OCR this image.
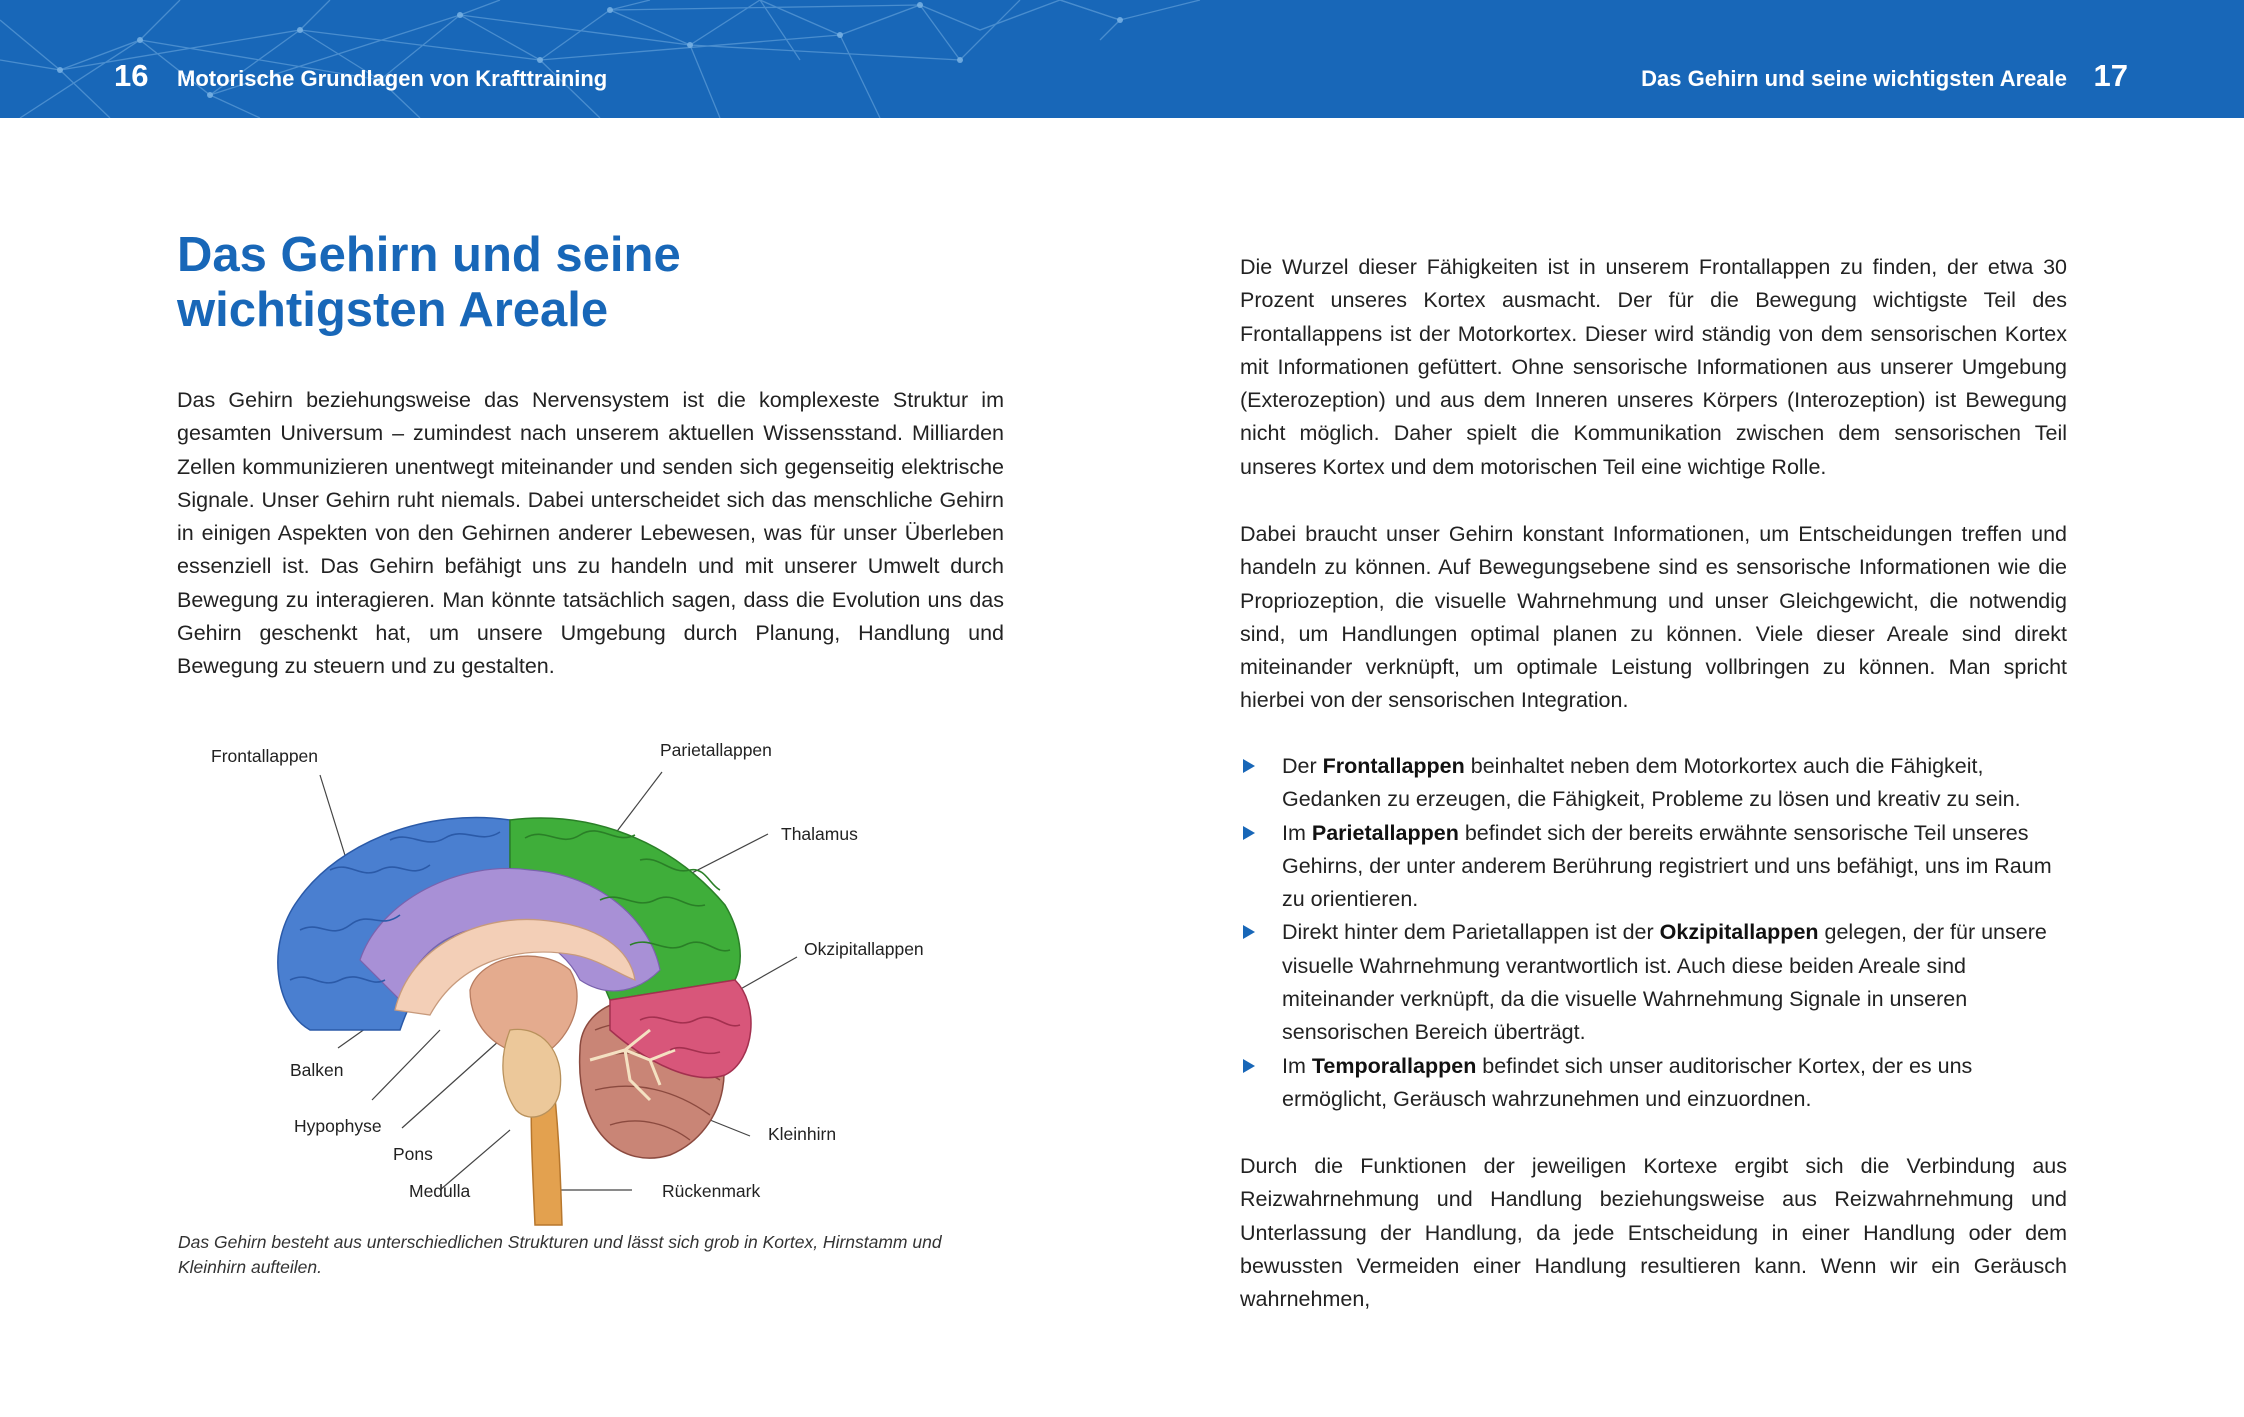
16 Motorische Grundlagen von Krafttraining	Das Gehirn und seine wichtigsten Areale 17
Das Gehirn und seine wichtigsten Areale

Das Gehirn beziehungsweise das Nervensystem ist die komplexeste Struktur im gesamten Universum – zumindest nach unserem aktuellen Wissensstand. Milliarden Zellen kommunizieren unentwegt miteinander und senden sich gegenseitig elektrische Signale. Unser Gehirn ruht niemals. Dabei unterscheidet sich das menschliche Gehirn in einigen Aspekten von den Gehirnen anderer Lebewesen, was für unser Überleben essenziell ist. Das Gehirn befähigt uns zu handeln und mit unserer Umwelt durch Bewegung zu interagieren. Man könnte tatsächlich sagen, dass die Evolution uns das Gehirn geschenkt hat, um unsere Umgebung durch Planung, Handlung und Bewegung zu steuern und zu gestalten.

Frontallappen	Parietallappen
Thalamus
Okzipitallappen
Balken
Hypophyse
Pons
Medulla
Kleinhirn
Rückenmark

Das Gehirn besteht aus unterschiedlichen Strukturen und lässt sich grob in Kortex, Hirnstamm und Kleinhirn aufteilen.

Die Wurzel dieser Fähigkeiten ist in unserem Frontallappen zu finden, der etwa 30 Prozent unseres Kortex ausmacht. Der für die Bewegung wichtigste Teil des Frontallappens ist der Motorkortex. Dieser wird ständig von dem sensorischen Kortex mit Informationen gefüttert. Ohne sensorische Informationen aus unserer Umgebung (Exterozeption) und aus dem Inneren unseres Körpers (Interozeption) ist Bewegung nicht möglich. Daher spielt die Kommunikation zwischen dem sensorischen Teil unseres Kortex und dem motorischen Teil eine wichtige Rolle.

Dabei braucht unser Gehirn konstant Informationen, um Entscheidungen treffen und handeln zu können. Auf Bewegungsebene sind es sensorische Informationen wie die Propriozeption, die visuelle Wahrnehmung und unser Gleichgewicht, die notwendig sind, um Handlungen optimal planen zu können. Viele dieser Areale sind direkt miteinander verknüpft, um optimale Leistung vollbringen zu können. Man spricht hierbei von der sensorischen Integration.

Der Frontallappen beinhaltet neben dem Motorkortex auch die Fähigkeit, Gedanken zu erzeugen, die Fähigkeit, Probleme zu lösen und kreativ zu sein.
Im Parietallappen befindet sich der bereits erwähnte sensorische Teil unseres Gehirns, der unter anderem Berührung registriert und uns befähigt, uns im Raum zu orientieren.
Direkt hinter dem Parietallappen ist der Okzipitallappen gelegen, der für unsere visuelle Wahrnehmung verantwortlich ist. Auch diese beiden Areale sind miteinander verknüpft, da die visuelle Wahrnehmung Signale in unseren sensorischen Bereich überträgt.
Im Temporallappen befindet sich unser auditorischer Kortex, der es uns ermöglicht, Geräusch wahrzunehmen und einzuordnen.

Durch die Funktionen der jeweiligen Kortexe ergibt sich die Verbindung aus Reizwahrnehmung und Handlung beziehungsweise aus Reizwahrnehmung und Unterlassung der Handlung, da jede Entscheidung in einer Handlung oder dem bewussten Vermeiden einer Handlung resultieren kann. Wenn wir ein Geräusch wahrnehmen,
